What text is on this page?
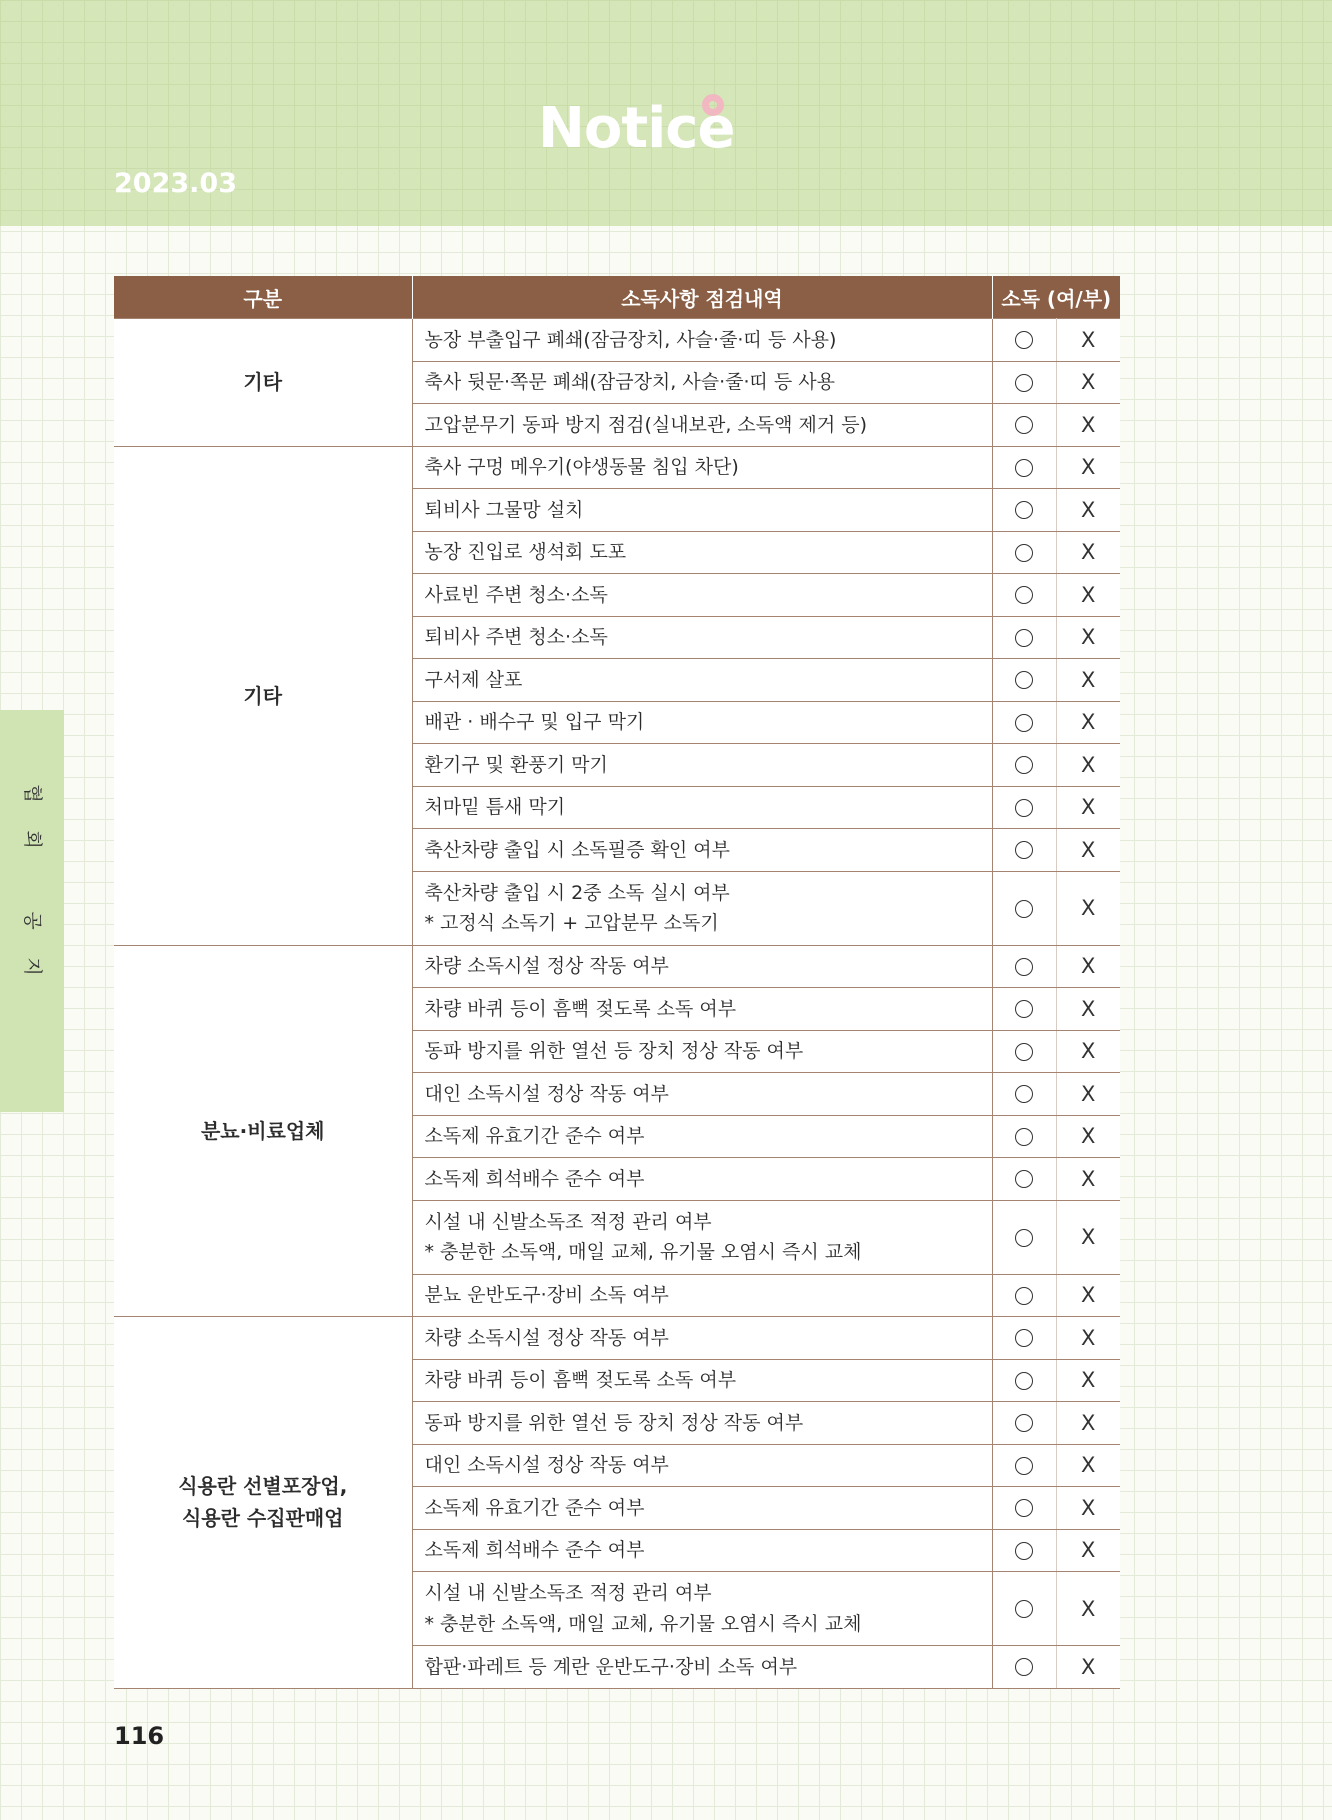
Notice
2023.03
협
회
공
지
구분	소독사항 점검내역	소독 (여/부)	
기타	농장 부출입구 폐쇄(잠금장치, 사슬·줄·띠 등 사용)		X
	축사 뒷문·쪽문 폐쇄(잠금장치, 사슬·줄·띠 등 사용		X
	고압분무기 동파 방지 점검(실내보관, 소독액 제거 등)		X
기타	축사 구멍 메우기(야생동물 침입 차단)		X
	퇴비사 그물망 설치		X
	농장 진입로 생석회 도포		X
	사료빈 주변 청소·소독		X
	퇴비사 주변 청소·소독		X
	구서제 살포		X
	배관 · 배수구 및 입구 막기		X
	환기구 및 환풍기 막기		X
	처마밑 틈새 막기		X
	축산차량 출입 시 소독필증 확인 여부		X
	축산차량 출입 시 2중 소독 실시 여부
* 고정식 소독기 + 고압분무 소독기		X
분뇨·비료업체	차량 소독시설 정상 작동 여부		X
	차량 바퀴 등이 흠뻑 젖도록 소독 여부		X
	동파 방지를 위한 열선 등 장치 정상 작동 여부		X
	대인 소독시설 정상 작동 여부		X
	소독제 유효기간 준수 여부		X
	소독제 희석배수 준수 여부		X
	시설 내 신발소독조 적정 관리 여부
* 충분한 소독액, 매일 교체, 유기물 오염시 즉시 교체		X
	분뇨 운반도구·장비 소독 여부		X
식용란 선별포장업,
식용란 수집판매업	차량 소독시설 정상 작동 여부		X
	차량 바퀴 등이 흠뻑 젖도록 소독 여부		X
	동파 방지를 위한 열선 등 장치 정상 작동 여부		X
	대인 소독시설 정상 작동 여부		X
	소독제 유효기간 준수 여부		X
	소독제 희석배수 준수 여부		X
	시설 내 신발소독조 적정 관리 여부
* 충분한 소독액, 매일 교체, 유기물 오염시 즉시 교체		X
	합판·파레트 등 계란 운반도구·장비 소독 여부		X
116
